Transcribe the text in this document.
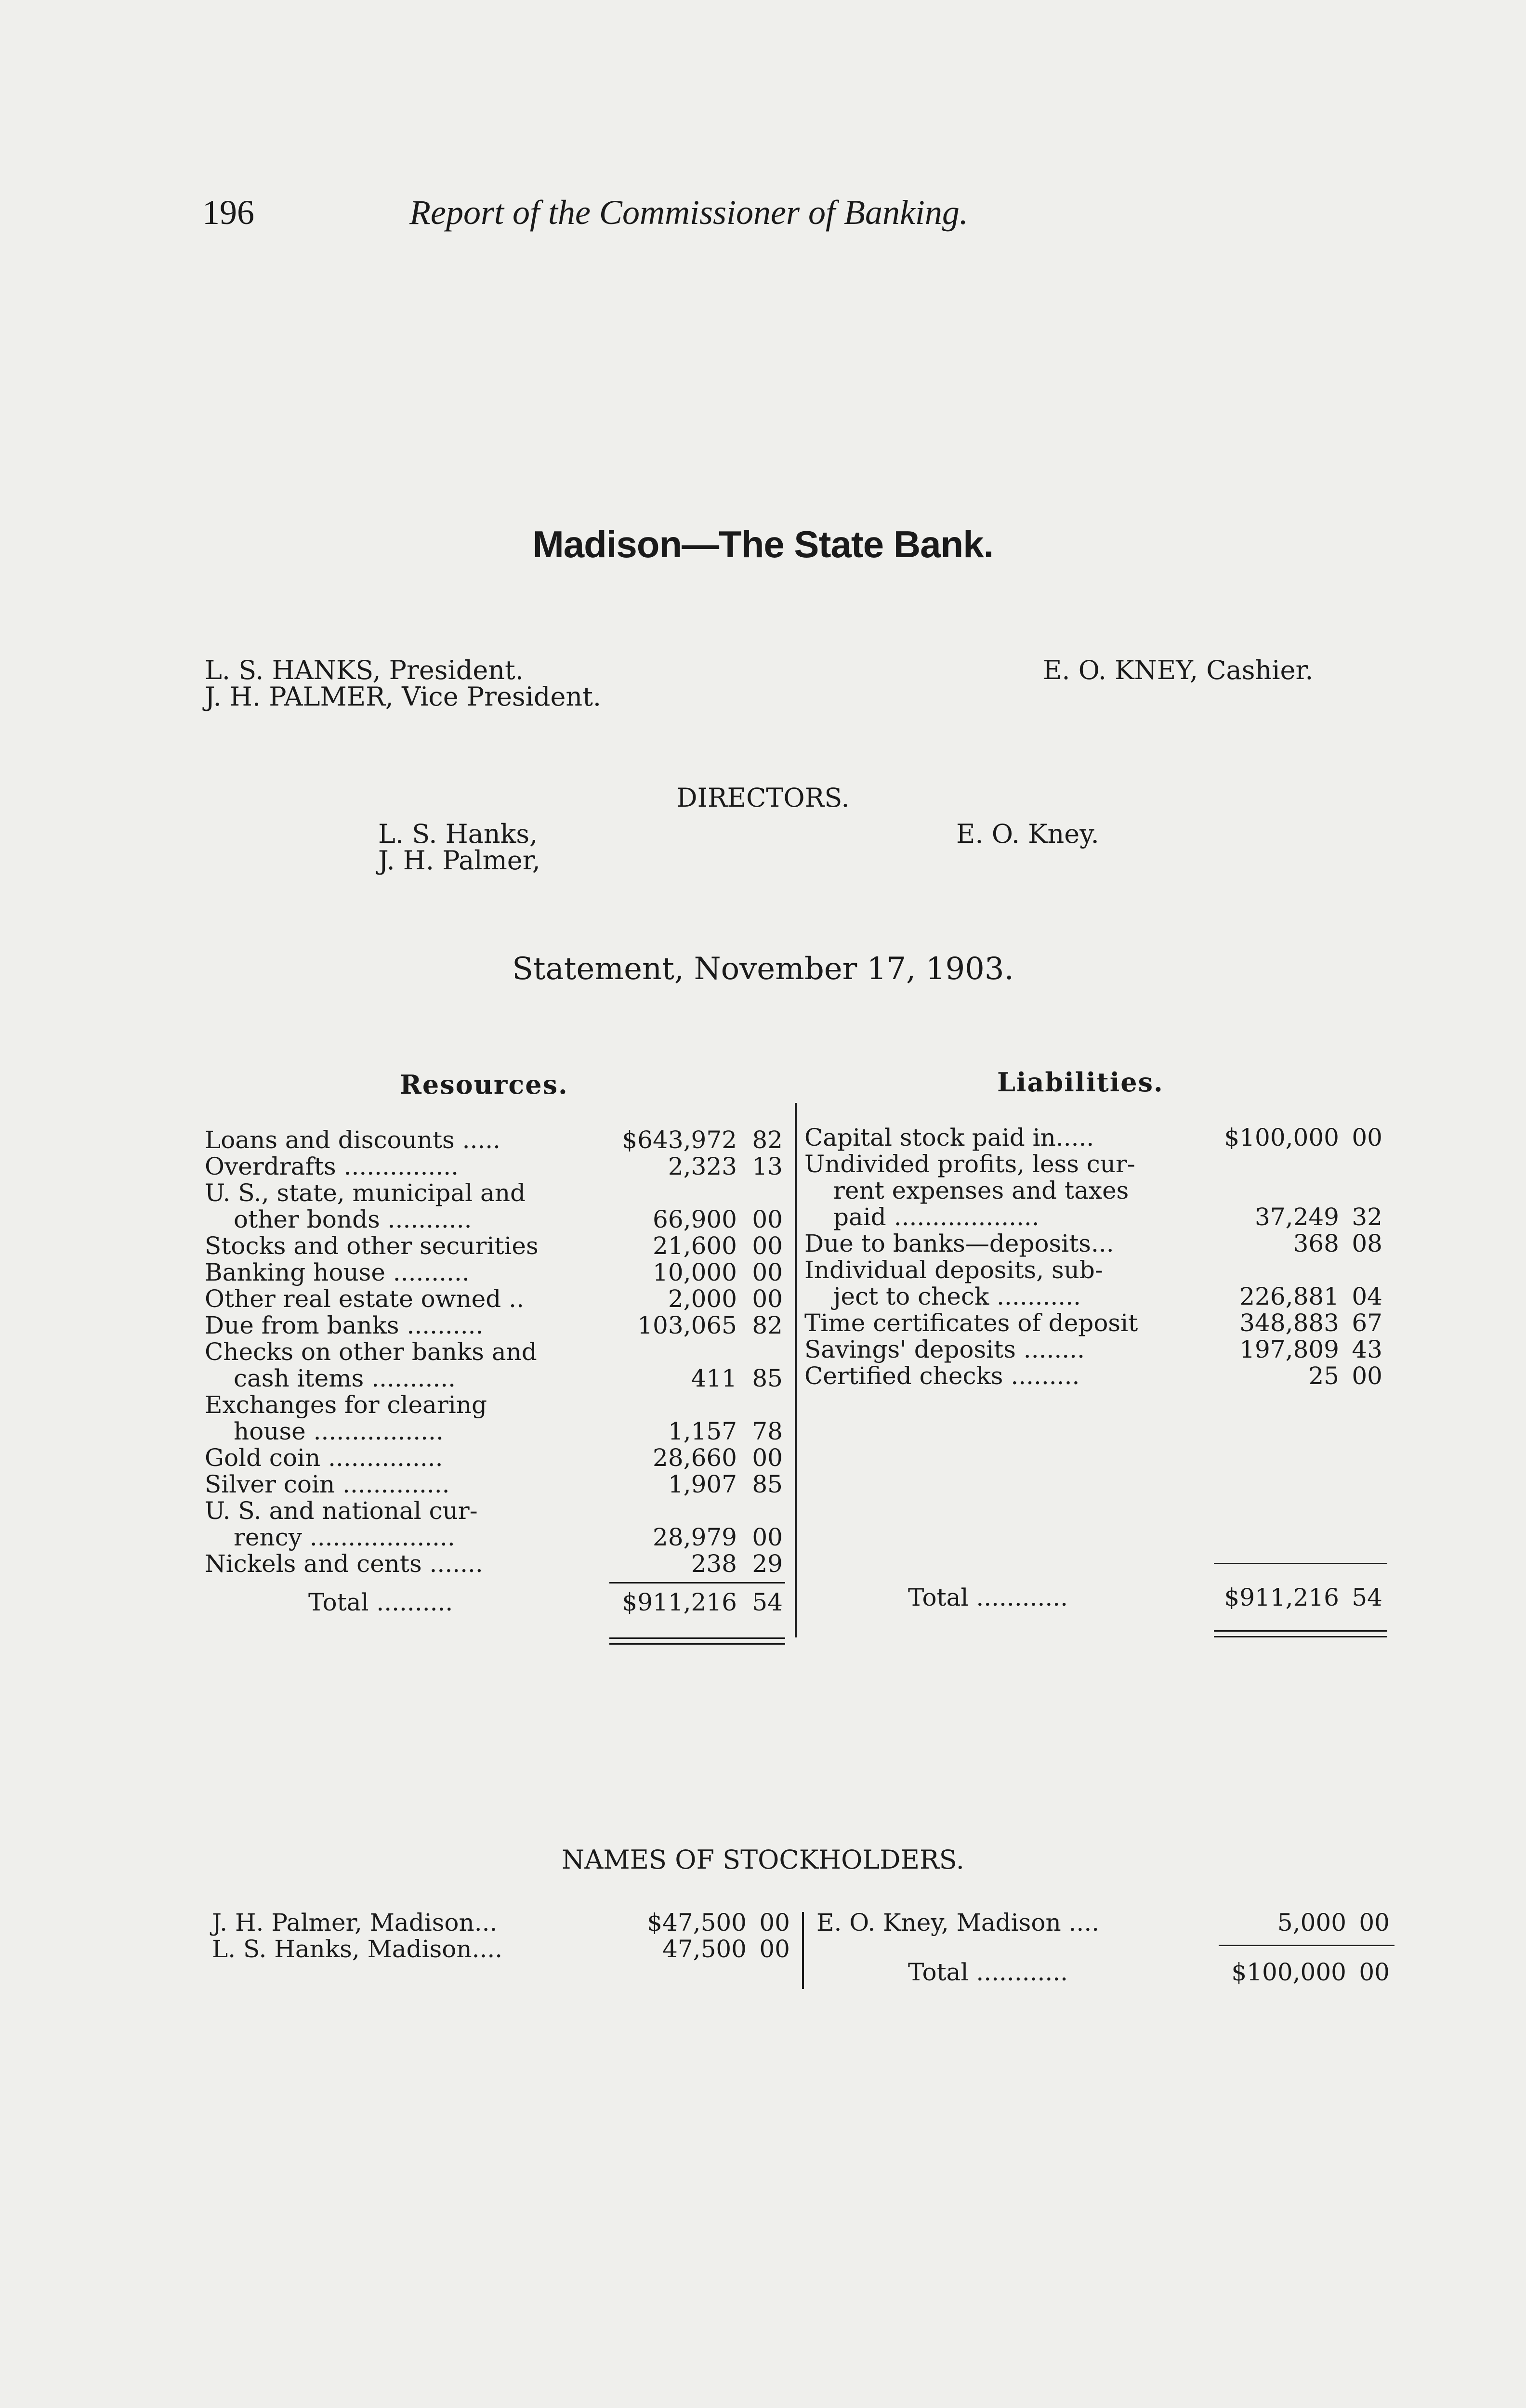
196	Report of the Commissioner of Banking.
Madison—The State Bank.
L. S. HANKS, President.
J. H. PALMER, Vice President.
E. O. KNEY, Cashier.
DIRECTORS.
L. S. Hanks,
J. H. Palmer,
E. O. Kney.
Statement, November 17, 1903.
Resources.	Liabilities.
Loans and discounts .....	$643,972 82
Overdrafts ...............	2,323 13
U. S., state, municipal and
other bonds ...........	66,900 00
Stocks and other securities	21,600 00
Banking house ..........	10,000 00
Other real estate owned ..	2,000 00
Due from banks ..........	103,065 82
Checks on other banks and
cash items ...........	411 85
Exchanges for clearing
house .................	1,157 78
Gold coin ...............	28,660 00
Silver coin ..............	1,907 85
U. S. and national cur-
rency ...................	28,979 00
Nickels and cents .......	238 29
Total ..........	$911,216 54
Capital stock paid in.....	$100,000 00
Undivided profits, less cur-
rent expenses and taxes
paid ...................	37,249 32
Due to banks—deposits...	368 08
Individual deposits, sub-
ject to check ...........	226,881 04
Time certificates of deposit	348,883 67
Savings' deposits ........	197,809 43
Certified checks .........	25 00
Total ............	$911,216 54
NAMES OF STOCKHOLDERS.
J. H. Palmer, Madison...	$47,500 00
L. S. Hanks, Madison....	47,500 00
E. O. Kney, Madison ....	5,000 00
Total ............	$100,000 00
